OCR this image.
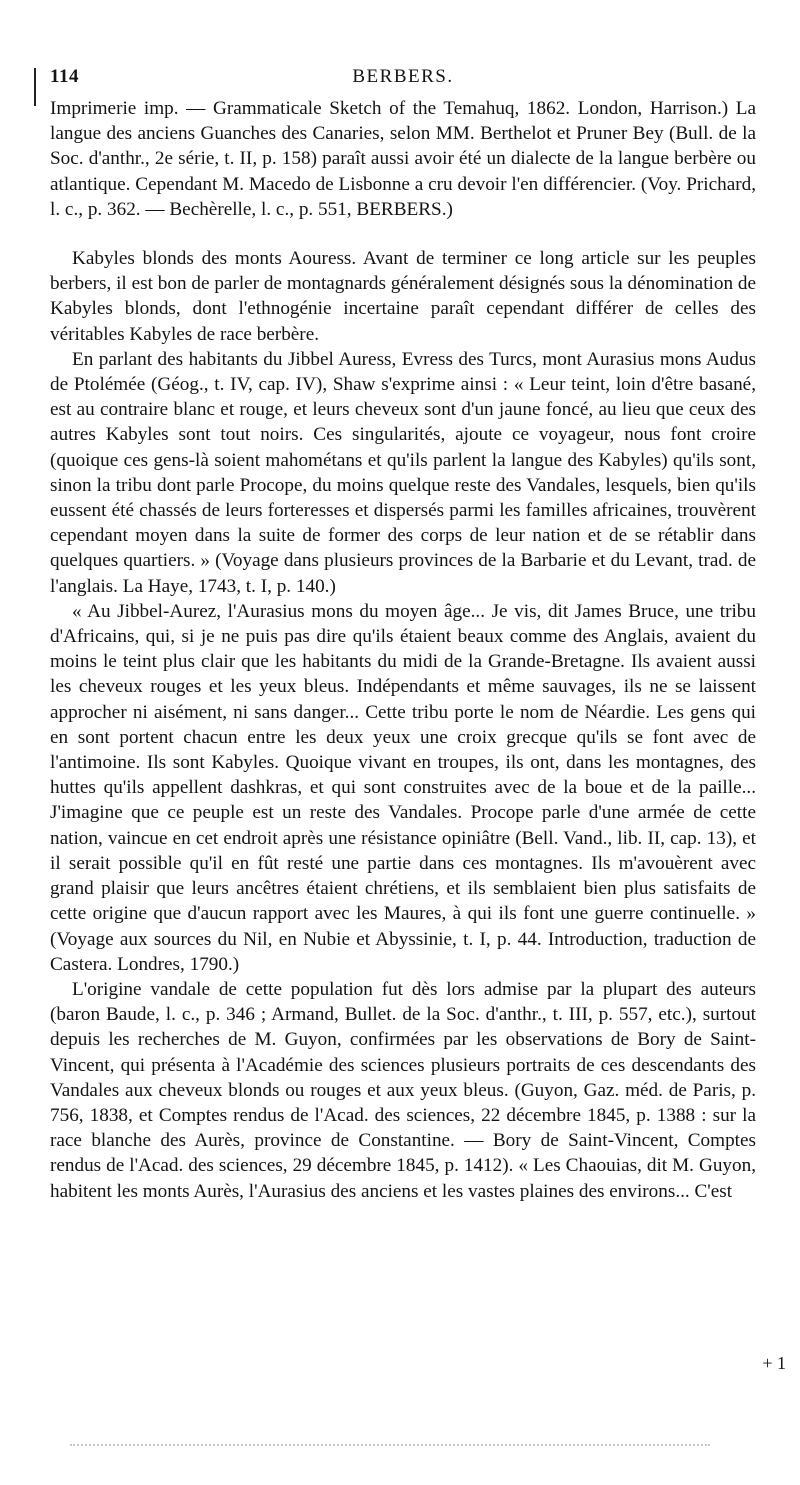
114	BERBERS.

Imprimerie imp. — Grammaticale Sketch of the Temahuq, 1862. London, Harrison.) La langue des anciens Guanches des Canaries, selon MM. Berthelot et Pruner Bey (Bull. de la Soc. d'anthr., 2e série, t. II, p. 158) paraît aussi avoir été un dialecte de la langue berbère ou atlantique. Cependant M. Macedo de Lisbonne a cru devoir l'en différencier. (Voy. Prichard, l. c., p. 362. — Bechèrelle, l. c., p. 551, BERBERS.)

Kabyles blonds des monts Aouress. Avant de terminer ce long article sur les peuples berbers, il est bon de parler de montagnards généralement désignés sous la dénomination de Kabyles blonds, dont l'ethnogénie incertaine paraît cependant différer de celles des véritables Kabyles de race berbère.

En parlant des habitants du Jibbel Auress, Evress des Turcs, mont Aurasius mons Audus de Ptolémée (Géog., t. IV, cap. IV), Shaw s'exprime ainsi : « Leur teint, loin d'être basané, est au contraire blanc et rouge, et leurs cheveux sont d'un jaune foncé, au lieu que ceux des autres Kabyles sont tout noirs. Ces singularités, ajoute ce voyageur, nous font croire (quoique ces gens-là soient mahométans et qu'ils parlent la langue des Kabyles) qu'ils sont, sinon la tribu dont parle Procope, du moins quelque reste des Vandales, lesquels, bien qu'ils eussent été chassés de leurs forteresses et dispersés parmi les familles africaines, trouvèrent cependant moyen dans la suite de former des corps de leur nation et de se rétablir dans quelques quartiers. » (Voyage dans plusieurs provinces de la Barbarie et du Levant, trad. de l'anglais. La Haye, 1743, t. I, p. 140.)

« Au Jibbel-Aurez, l'Aurasius mons du moyen âge... Je vis, dit James Bruce, une tribu d'Africains, qui, si je ne puis pas dire qu'ils étaient beaux comme des Anglais, avaient du moins le teint plus clair que les habitants du midi de la Grande-Bretagne. Ils avaient aussi les cheveux rouges et les yeux bleus. Indépendants et même sauvages, ils ne se laissent approcher ni aisément, ni sans danger... Cette tribu porte le nom de Néardie. Les gens qui en sont portent chacun entre les deux yeux une croix grecque qu'ils se font avec de l'antimoine. Ils sont Kabyles. Quoique vivant en troupes, ils ont, dans les montagnes, des huttes qu'ils appellent dashkras, et qui sont construites avec de la boue et de la paille... J'imagine que ce peuple est un reste des Vandales. Procope parle d'une armée de cette nation, vaincue en cet endroit après une résistance opiniâtre (Bell. Vand., lib. II, cap. 13), et il serait possible qu'il en fût resté une partie dans ces montagnes. Ils m'avouèrent avec grand plaisir que leurs ancêtres étaient chrétiens, et ils semblaient bien plus satisfaits de cette origine que d'aucun rapport avec les Maures, à qui ils font une guerre continuelle. » (Voyage aux sources du Nil, en Nubie et Abyssinie, t. I, p. 44. Introduction, traduction de Castera. Londres, 1790.)

L'origine vandale de cette population fut dès lors admise par la plupart des auteurs (baron Baude, l. c., p. 346 ; Armand, Bullet. de la Soc. d'anthr., t. III, p. 557, etc.), surtout depuis les recherches de M. Guyon, confirmées par les observations de Bory de Saint-Vincent, qui présenta à l'Académie des sciences plusieurs portraits de ces descendants des Vandales aux cheveux blonds ou rouges et aux yeux bleus. (Guyon, Gaz. méd. de Paris, p. 756, 1838, et Comptes rendus de l'Acad. des sciences, 22 décembre 1845, p. 1388 : sur la race blanche des Aurès, province de Constantine. — Bory de Saint-Vincent, Comptes rendus de l'Acad. des sciences, 29 décembre 1845, p. 1412). « Les Chaouias, dit M. Guyon, habitent les monts Aurès, l'Aurasius des anciens et les vastes plaines des environs... C'est

+ 1
